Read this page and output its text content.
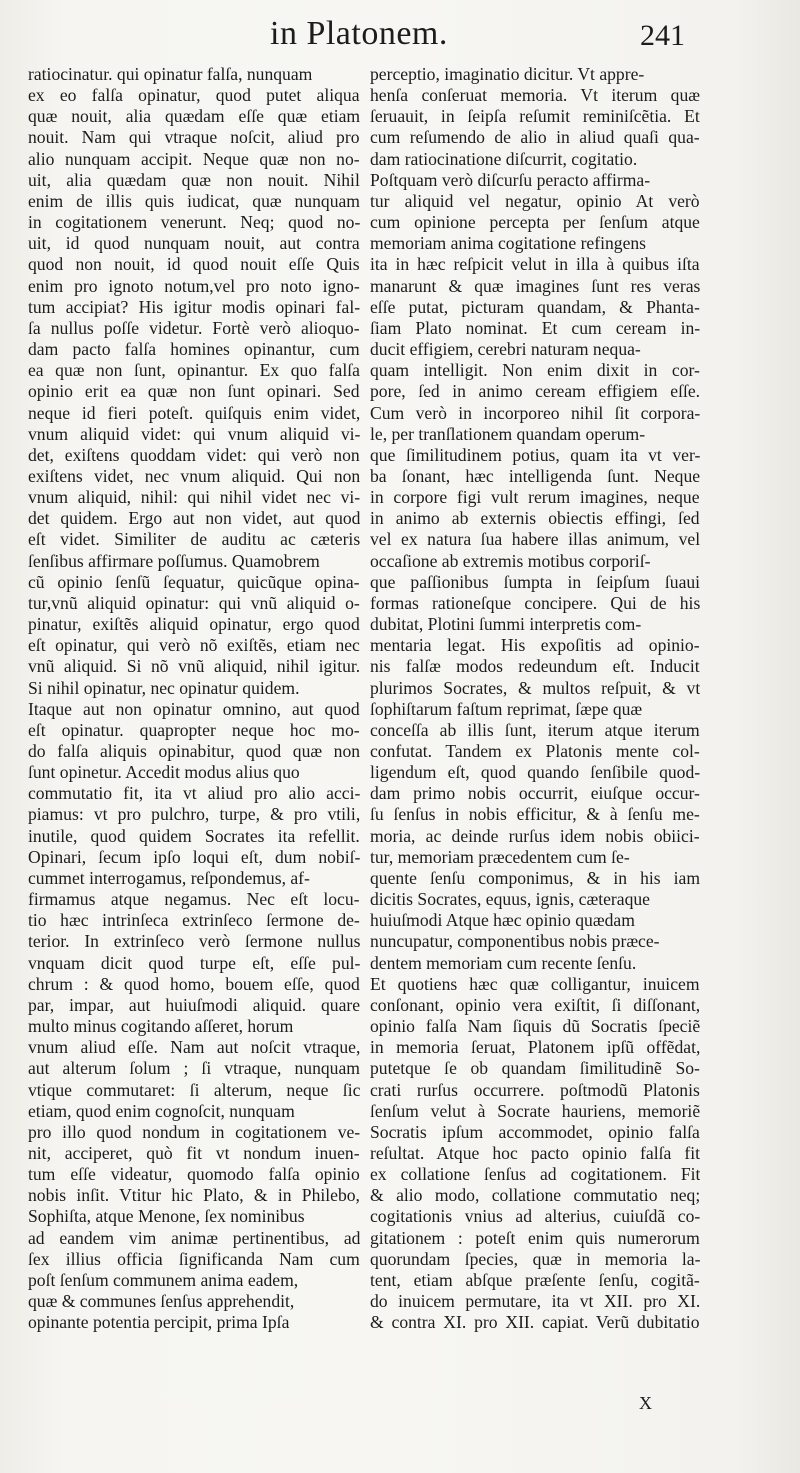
in Platonem.	241
ratiocinatur. qui opinatur falſa, nunquam
ex eo falſa opinatur, quod putet aliqua
quæ nouit, alia quædam eſſe quæ etiam
nouit. Nam qui vtraque noſcit, aliud pro
alio nunquam accipit. Neque quæ non no-
uit, alia quædam quæ non nouit. Nihil
enim de illis quis iudicat, quæ nunquam
in cogitationem venerunt. Neq; quod no-
uit, id quod nunquam nouit, aut contra
quod non nouit, id quod nouit eſſe Quis
enim pro ignoto notum,vel pro noto igno-
tum accipiat? His igitur modis opinari fal-
ſa nullus poſſe videtur. Fortè verò alioquo-
dam pacto falſa homines opinantur, cum
ea quæ non ſunt, opinantur. Ex quo falſa
opinio erit ea quæ non ſunt opinari. Sed
neque id fieri poteſt. quiſquis enim videt,
vnum aliquid videt: qui vnum aliquid vi-
det, exiſtens quoddam videt: qui verò non
exiſtens videt, nec vnum aliquid. Qui non
vnum aliquid, nihil: qui nihil videt nec vi-
det quidem. Ergo aut non videt, aut quod
eſt videt. Similiter de auditu ac cæteris
ſenſibus affirmare poſſumus. Quamobrem
cũ opinio ſenſũ ſequatur, quicũque opina-
tur,vnũ aliquid opinatur: qui vnũ aliquid o-
pinatur, exiſtẽs aliquid opinatur, ergo quod
eſt opinatur, qui verò nõ exiſtẽs, etiam nec
vnũ aliquid. Si nõ vnũ aliquid, nihil igitur.
Si nihil opinatur, nec opinatur quidem.
Itaque aut non opinatur omnino, aut quod
eſt opinatur. quapropter neque hoc mo-
do falſa aliquis opinabitur, quod quæ non
ſunt opinetur. Accedit modus alius quo
commutatio fit, ita vt aliud pro alio acci-
piamus: vt pro pulchro, turpe, & pro vtili,
inutile, quod quidem Socrates ita refellit.
Opinari, ſecum ipſo loqui eſt, dum nobiſ-
cummet interrogamus, reſpondemus, af-
firmamus atque negamus. Nec eſt locu-
tio hæc intrinſeca extrinſeco ſermone de-
terior. In extrinſeco verò ſermone nullus
vnquam dicit quod turpe eſt, eſſe pul-
chrum : & quod homo, bouem eſſe, quod
par, impar, aut huiuſmodi aliquid. quare
multo minus cogitando aſſeret, horum
vnum aliud eſſe. Nam aut noſcit vtraque,
aut alterum ſolum ; ſi vtraque, nunquam
vtique commutaret: ſi alterum, neque ſic
etiam, quod enim cognoſcit, nunquam
pro illo quod nondum in cogitationem ve-
nit, acciperet, quò fit vt nondum inuen-
tum eſſe videatur, quomodo falſa opinio
nobis inſit. Vtitur hic Plato, & in Philebo,
Sophiſta, atque Menone, ſex nominibus
ad eandem vim animæ pertinentibus, ad
ſex illius officia ſignificanda Nam cum
poſt ſenſum communem anima eadem,
quæ & communes ſenſus apprehendit,
opinante potentia percipit, prima Ipſa
perceptio, imaginatio dicitur. Vt appre-
henſa conſeruat memoria. Vt iterum quæ
ſeruauit, in ſeipſa reſumit reminiſcẽtia. Et
cum reſumendo de alio in aliud quaſi qua-
dam ratiocinatione diſcurrit, cogitatio.
Poſtquam verò diſcurſu peracto affirma-
tur aliquid vel negatur, opinio At verò
cum opinione percepta per ſenſum atque
memoriam anima cogitatione refingens
ita in hæc reſpicit velut in illa à quibus iſta
manarunt & quæ imagines ſunt res veras
eſſe putat, picturam quandam, & Phanta-
ſiam Plato nominat. Et cum ceream in-
ducit effigiem, cerebri naturam nequa-
quam intelligit. Non enim dixit in cor-
pore, ſed in animo ceream effigiem eſſe.
Cum verò in incorporeo nihil ſit corpora-
le, per tranſlationem quandam operum-
que ſimilitudinem potius, quam ita vt ver-
ba ſonant, hæc intelligenda ſunt. Neque
in corpore figi vult rerum imagines, neque
in animo ab externis obiectis effingi, ſed
vel ex natura ſua habere illas animum, vel
occaſione ab extremis motibus corporiſ-
que paſſionibus ſumpta in ſeipſum ſuaui
formas rationeſque concipere. Qui de his
dubitat, Plotini ſummi interpretis com-
mentaria legat. His expoſitis ad opinio-
nis falſæ modos redeundum eſt. Inducit
plurimos Socrates, & multos reſpuit, & vt
ſophiſtarum faſtum reprimat, ſæpe quæ
conceſſa ab illis ſunt, iterum atque iterum
confutat. Tandem ex Platonis mente col-
ligendum eſt, quod quando ſenſibile quod-
dam primo nobis occurrit, eiuſque occur-
ſu ſenſus in nobis efficitur, & à ſenſu me-
moria, ac deinde rurſus idem nobis obiici-
tur, memoriam præcedentem cum ſe-
quente ſenſu componimus, & in his iam
dicitis Socrates, equus, ignis, cæteraque
huiuſmodi Atque hæc opinio quædam
nuncupatur, componentibus nobis præce-
dentem memoriam cum recente ſenſu.
Et quotiens hæc quæ colligantur, inuicem
conſonant, opinio vera exiſtit, ſi diſſonant,
opinio falſa Nam ſiquis dũ Socratis ſpeciẽ
in memoria ſeruat, Platonem ipſũ offẽdat,
putetque ſe ob quandam ſimilitudinẽ So-
crati rurſus occurrere. poſtmodũ Platonis
ſenſum velut à Socrate hauriens, memoriẽ
Socratis ipſum accommodet, opinio falſa
reſultat. Atque hoc pacto opinio falſa fit
ex collatione ſenſus ad cogitationem. Fit
& alio modo, collatione commutatio neq;
cogitationis vnius ad alterius, cuiuſdã co-
gitationem : poteſt enim quis numerorum
quorundam ſpecies, quæ in memoria la-
tent, etiam abſque præſente ſenſu, cogitã-
do inuicem permutare, ita vt XII. pro XI.
& contra XI. pro XII. capiat. Verũ dubitatio
X
